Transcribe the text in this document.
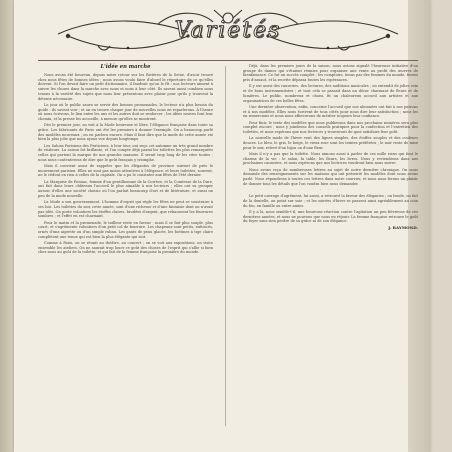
Variétés
L'idée en marche

Nous avons été heureux, depuis notre retour sur les Rivières de la Seine, d'avoir trouvé chez nous fêtes de bonnes idées ; nous avons voulu faire d'abord le répertoire de ce qu'elles doivent. Si l'on devait faire un petit dictionnaire, il faudrait qu'on le fît : nos lecteurs aiment à suivre les choses dans la marche avec nous et nous à leur côté. Ils savent aussi combien nous tenons à la variété des sujets que nous leur présentons avec plaisir pour qu'ils y trouvent la détente nécessaire.

Le jour où le public saura se servir des bonnes promenades, le lecteur n'a plus besoin du guide : ils savent voir ; et on en trouve chaque jour de nouvelles nous en reparlerons. À l'heure où nous écrivons, le lien entre les uns et les autres doit se renforcer ; les idées neuves font leur chemin, et la presse les accueille, à mesure qu'elles se montrent.

Dès le premier jour, on voit à la Mode heureuse et libre, l'élégance française dans toute sa grâce. Les fabricants de Paris ont été les premiers à donner l'exemple. On a beaucoup parlé des modèles nouveaux ; on en parlera encore. Mais il faut dire que la mode de cette année est bien la plus jolie que nous ayons vue depuis longtemps.

Les Salons Parisiens des Praticiens, à leur tour, ont reçu cet automne un très grand nombre de visiteurs. La saison fut brillante, et l'on compte déjà parmi les toilettes les plus remarquées celles qui portent la marque de nos grandes maisons. Il serait trop long de les citer toutes ; nous nous contenterons de dire que le goût français y triomphe.

Mais il convient aussi de rappeler que les élégantes de province suivent de près le mouvement parisien. Elles ne sont pas moins attentives à l'élégance, et leurs toilettes, souvent, ne le cèdent en rien à celles de la capitale. On a pu le constater aux fêtes de l'été dernier.

La Marquise de Ponnac, femme d'un gentilhomme de la Corrèze, et la Comtesse de la Dure, ont fait dans leurs châteaux l'accueil le plus aimable à nos lecteurs ; elles ont su grouper autour d'elles une société choisie où l'on parlait beaucoup d'art et de littérature, et aussi un peu de la mode nouvelle.

La Mode a son gouvernement. L'homme d'esprit qui règle les fêtes ne peut se soustraire à ses lois. Les toilettes du soir, cette année, sont d'une richesse et d'une fantaisie dont on n'avait pas idée. On porte volontiers les étoffes claires, brodées d'argent, que rehaussent les fourrures sombres ; et l'effet en est charmant.

Pour le matin et la promenade, le tailleur reste en faveur ; mais il se fait plus souple, plus court, et s'agrémente volontiers d'un petit col de fourrure. Les chapeaux sont petits, enfoncés, ornés d'une aigrette ou d'un simple ruban. Les gants de peau glacée, les bottines à tige claire complètent une tenue qui est bien la plus élégante qui soit.

Comme à Paris, on se réunit au théâtre, au concert ; on se voit aux expositions, on visite ensemble les ateliers. On ne saurait trop louer ce goût des choses de l'esprit qui s'allie si bien chez nous au goût de la toilette, et qui fait de la femme française la première du monde.

Déjà, dans les premiers jours de la saison, nous avions signalé l'heureuse initiative d'un groupe de dames qui s'étaient réunies pour organiser une vente au profit des œuvres de bienfaisance. Ce fut un succès complet ; les comptoirs, tenus par des femmes du monde, furent pris d'assaut, et la recette dépassa toutes les espérances.

Il y eut aussi des causeries, des lectures, des auditions musicales ; on entendit de jolies voix et de bons instrumentistes ; et tout cela se passait dans un décor charmant de fleurs et de lumières. Le public, nombreux et choisi, fit un chaleureux accueil aux artistes et aux organisatrices de ces belles fêtes.

Une dernière observation, enfin, concerne l'accueil que nos abonnées ont fait à nos patrons et à nos modèles. Elles nous écrivent de tous côtés pour nous dire leur satisfaction ; nous les en remercions et nous nous efforcerons de mériter toujours leur confiance.

Pour finir, le texte des modèles que nous publierons dans nos prochains numéros sera plus complet encore ; nous y joindrons des conseils pratiques pour la confection et l'entretien des toilettes, et nous espérons que nos lectrices y trouveront de quoi satisfaire leur goût.

La nouvelle mode de l'hiver veut des lignes simples, des étoffes souples et des couleurs douces. Le bleu, le gris, le beige, le vieux rose sont les teintes préférées ; le noir reste de mise pour le soir, relevé d'un bijou ou d'une fleur.

Mais il n'y a pas que la toilette. Nous aimons aussi à parler de ces mille riens qui font le charme de la vie : le salon, la table, les fleurs, les livres. Nous y reviendrons dans nos prochaines causeries, et nous espérons que nos lectrices voudront bien nous suivre.

Nous avons reçu de nombreuses lettres au sujet de notre dernière chronique. On nous demande des renseignements sur les maisons qui ont présenté les modèles dont nous avons parlé. Nous répondrons à toutes ces lettres dans notre courrier, et nous nous ferons un plaisir de donner tous les détails que l'on voudra bien nous demander.

· · ·

Le petit ouvrage d'agrément, lui aussi, a retrouvé la faveur des élégantes ; on brode, on fait de la dentelle, on peint sur soie ; et les soirées d'hiver se passent ainsi agréablement au coin du feu, en famille ou entre amies.

Il y a là, nous semble-t-il, une heureuse réaction contre l'agitation un peu fiévreuse de ces dernières années, et nous ne pouvons que nous en réjouir. La femme française retrouve le goût du foyer sans rien perdre de sa grâce ni de son élégance.

J. RAYMOND.
